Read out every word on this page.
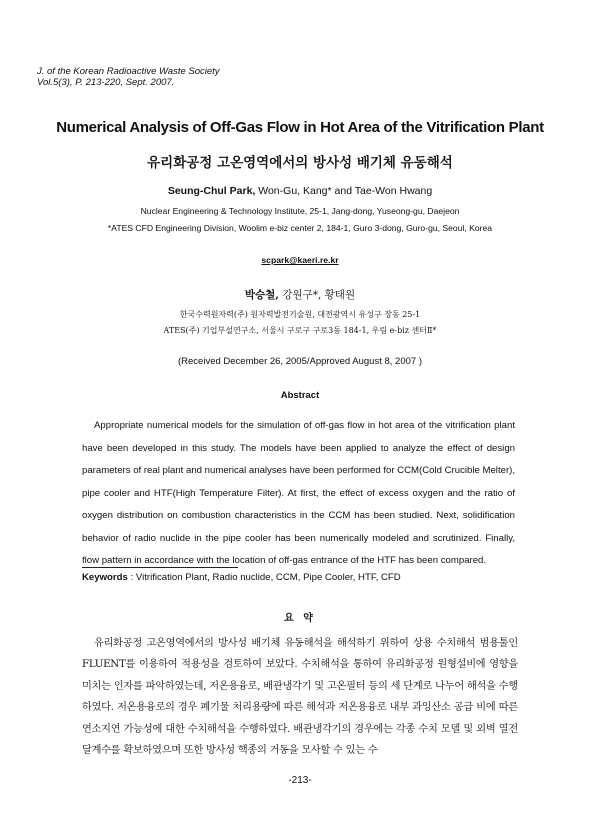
J. of the Korean Radioactive Waste Society
Vol.5(3), P. 213-220, Sept. 2007.
Numerical Analysis of Off-Gas Flow in Hot Area of the Vitrification Plant
유리화공정 고온영역에서의 방사성 배기체 유동해석
Seung-Chul Park, Won-Gu, Kang* and Tae-Won Hwang
Nuclear Engineering & Technology Institute, 25-1, Jang-dong, Yuseong-gu, Daejeon
*ATES CFD Engineering Division, Woolim e-biz center 2, 184-1, Guro 3-dong, Guro-gu, Seoul, Korea
scpark@kaeri.re.kr
박승철, 강원구*, 황태원
한국수력원자력(주) 원자력발전기술원, 대전광역시 유성구 장동 25-1
ATES(주) 기업부설연구소, 서울시 구로구 구로3동 184-1, 우림 e-biz 센터Ⅱ*
(Received December 26, 2005/Approved August 8, 2007 )
Abstract
Appropriate numerical models for the simulation of off-gas flow in hot area of the vitrification plant have been developed in this study. The models have been applied to analyze the effect of design parameters of real plant and numerical analyses have been performed for CCM(Cold Crucible Melter), pipe cooler and HTF(High Temperature Filter). At first, the effect of excess oxygen and the ratio of oxygen distribution on combustion characteristics in the CCM has been studied. Next, solidification behavior of radio nuclide in the pipe cooler has been numerically modeled and scrutinized. Finally, flow pattern in accordance with the location of off-gas entrance of the HTF has been compared.
Keywords : Vitrification Plant, Radio nuclide, CCM, Pipe Cooler, HTF, CFD
요 약
유리화공정 고온영역에서의 방사성 배기체 유동해석을 해석하기 위하여 상용 수치해석 범용툴인 FLUENT를 이용하여 적용성을 검토하여 보았다. 수치해석을 통하여 유리화공정 원형설비에 영향을 미치는 인자를 파악하였는데, 저온용융로, 배관냉각기 및 고온필터 등의 세 단계로 나누어 해석을 수행하였다. 저온용융로의 경우 폐기물 처리용량에 따른 해석과 저온용융로 내부 과잉산소 공급 비에 따른 연소지연 가능성에 대한 수치해석을 수행하였다. 배관냉각기의 경우에는 각종 수치 모델 및 외벽 열전달계수를 확보하였으며 또한 방사성 핵종의 거동을 모사할 수 있는 수
-213-
